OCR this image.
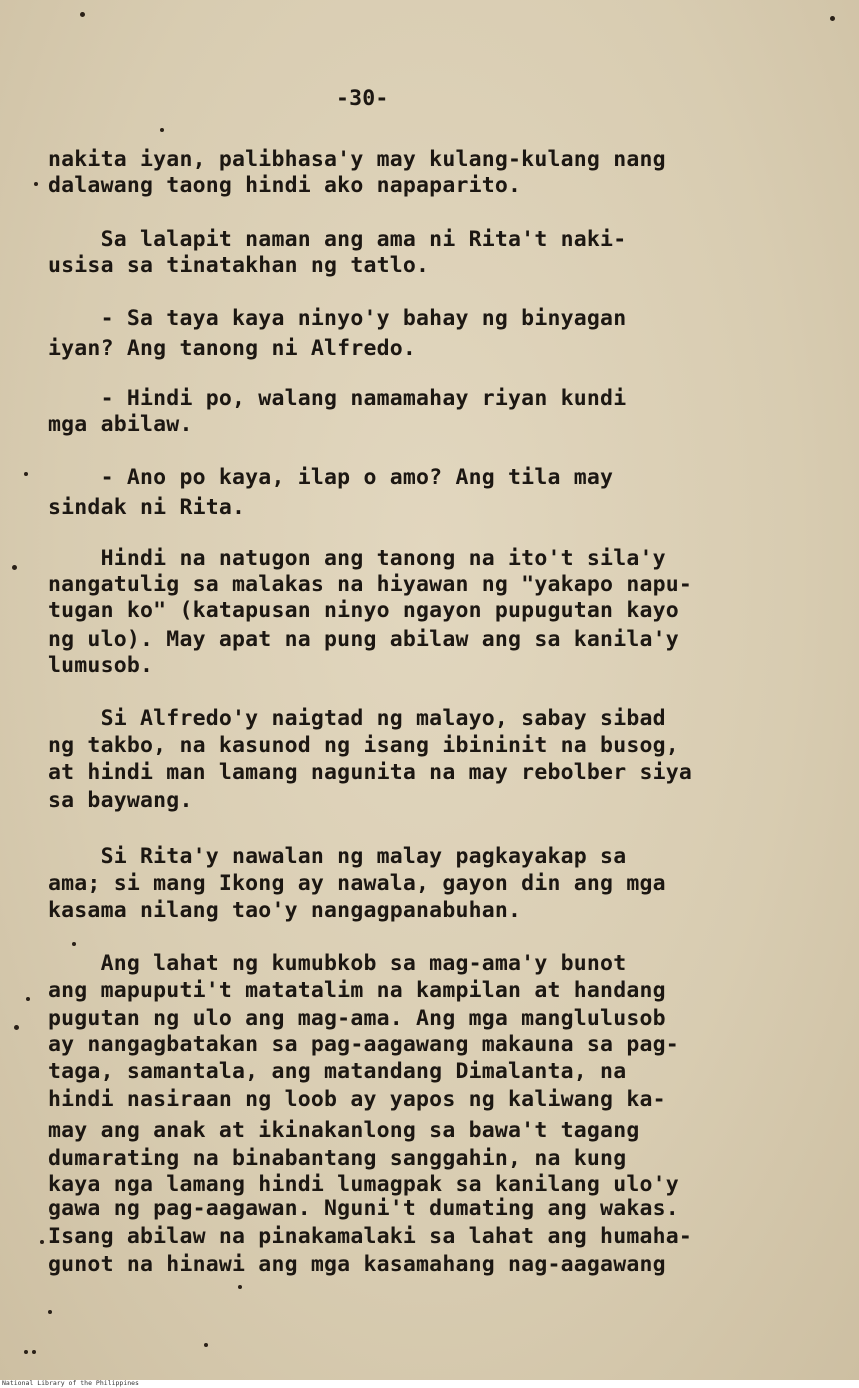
-30-
nakita iyan, palibhasa'y may kulang-kulang nang
dalawang taong hindi ako napaparito.
Sa lalapit naman ang ama ni Rita't naki-
usisa sa tinatakhan ng tatlo.
- Sa taya kaya ninyo'y bahay ng binyagan
iyan? Ang tanong ni Alfredo.
- Hindi po, walang namamahay riyan kundi
mga abilaw.
- Ano po kaya, ilap o amo? Ang tila may
sindak ni Rita.
Hindi na natugon ang tanong na ito't sila'y
nangatulig sa malakas na hiyawan ng "yakapo napu-
tugan ko" (katapusan ninyo ngayon pupugutan kayo
ng ulo). May apat na pung abilaw ang sa kanila'y
lumusob.
Si Alfredo'y naigtad ng malayo, sabay sibad
ng takbo, na kasunod ng isang ibininit na busog,
at hindi man lamang nagunita na may rebolber siya
sa baywang.
Si Rita'y nawalan ng malay pagkayakap sa
ama; si mang Ikong ay nawala, gayon din ang mga
kasama nilang tao'y nangagpanabuhan.
Ang lahat ng kumubkob sa mag-ama'y bunot
ang mapuputi't matatalim na kampilan at handang
pugutan ng ulo ang mag-ama. Ang mga manglulusob
ay nangagbatakan sa pag-aagawang makauna sa pag-
taga, samantala, ang matandang Dimalanta, na
hindi nasiraan ng loob ay yapos ng kaliwang ka-
may ang anak at ikinakanlong sa bawa't tagang
dumarating na binabantang sanggahin, na kung
kaya nga lamang hindi lumagpak sa kanilang ulo'y
gawa ng pag-aagawan. Nguni't dumating ang wakas.
Isang abilaw na pinakamalaki sa lahat ang humaha-
gunot na hinawi ang mga kasamahang nag-aagawang
National Library of the Philippines
